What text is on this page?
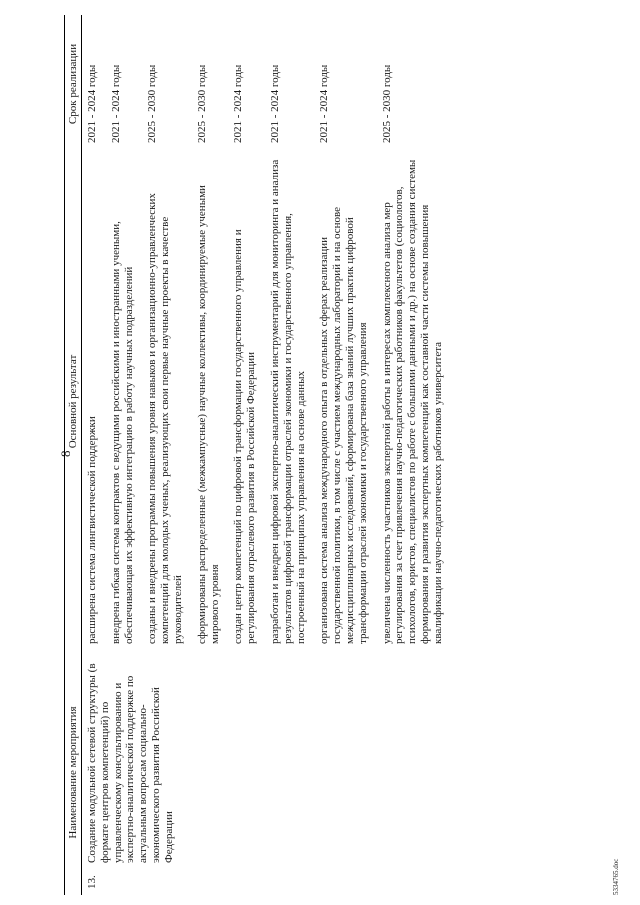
8
Наименование мероприятия	Основной результат	Срок реализации

13.
Создание модульной сетевой структуры (в формате центров компетенций) по управленческому консультированию и экспертно-аналитической поддержке по актуальным вопросам социально-экономического развития Российской Федерации	расширена система лингвистической поддержки	2021 - 2024 годы
	внедрена гибкая система контрактов с ведущими российскими и иностранными учеными, обеспечивающая их эффективную интеграцию в работу научных подразделений	2021 - 2024 годы
	созданы и внедрены программы повышения уровня навыков и организационно-управленческих компетенций для молодых ученых, реализующих свои первые научные проекты в качестве руководителей	2025 - 2030 годы
	сформированы распределенные (межкампусные) научные коллективы, координируемые учеными мирового уровня	2025 - 2030 годы
	создан центр компетенций по цифровой трансформации государственного управления и регулирования отраслевого развития в Российской Федерации	2021 - 2024 годы
	разработан и внедрен цифровой экспертно-аналитический инструментарий для мониторинга и анализа результатов цифровой трансформации отраслей экономики и государственного управления, построенный на принципах управления на основе данных	2021 - 2024 годы
	организована система анализа международного опыта в отдельных сферах реализации государственной политики, в том числе с участием международных лабораторий и на основе междисциплинарных исследований, сформирована база знаний лучших практик цифровой трансформации отраслей экономики и государственного управления	2021 - 2024 годы
	увеличена численность участников экспертной работы в интересах комплексного анализа мер регулирования за счет привлечения научно-педагогических работников факультетов (социологов, психологов, юристов, специалистов по работе с большими данными и др.) на основе создания системы формирования и развития экспертных компетенций как составной части системы повышения квалификации научно-педагогических работников университета	2025 - 2030 годы
5334765.doc
